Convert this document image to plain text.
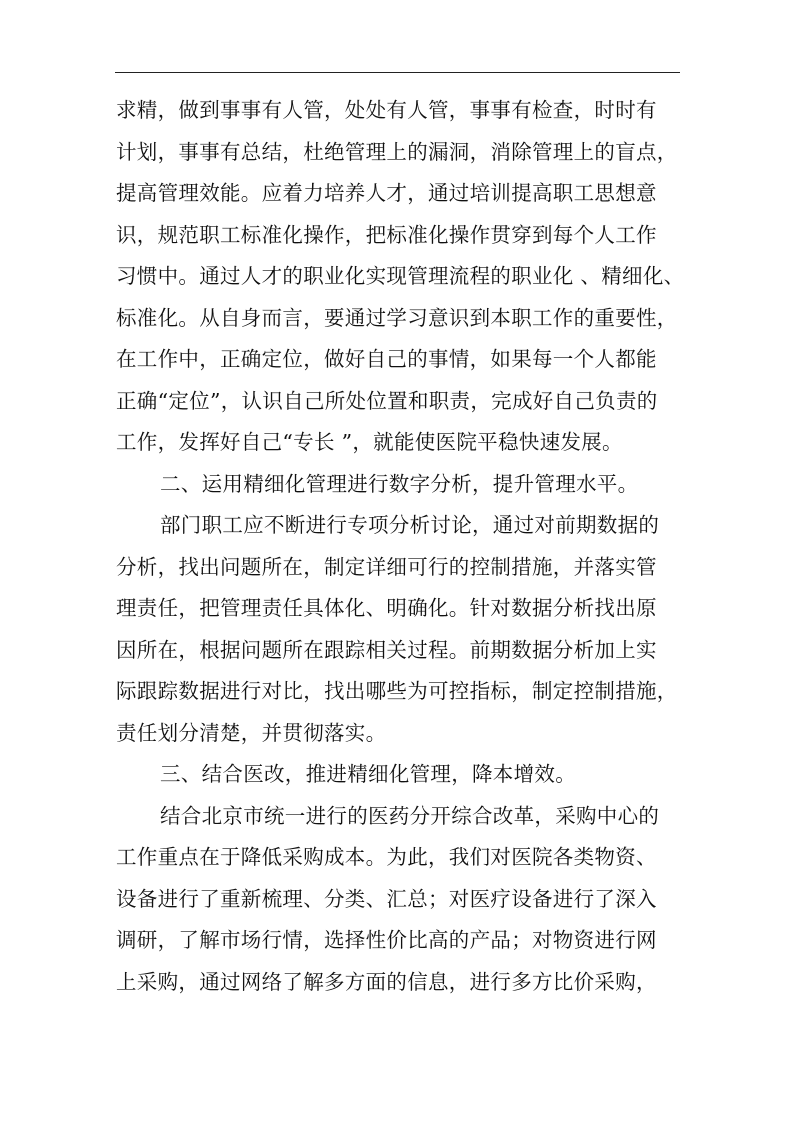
求精，做到事事有人管，处处有人管，事事有检查，时时有
计划，事事有总结，杜绝管理上的漏洞，消除管理上的盲点，
提高管理效能。应着力培养人才，通过培训提高职工思想意
识，规范职工标准化操作，把标准化操作贯穿到每个人工作
习惯中。通过人才的职业化实现管理流程的职业化 、精细化、
标准化。从自身而言，要通过学习意识到本职工作的重要性，
在工作中，正确定位，做好自己的事情，如果每一个人都能
正确“定位”，认识自己所处位置和职责，完成好自己负责的
工作，发挥好自己“专长 ”，就能使医院平稳快速发展。
二、运用精细化管理进行数字分析，提升管理水平。
部门职工应不断进行专项分析讨论，通过对前期数据的
分析，找出问题所在，制定详细可行的控制措施，并落实管
理责任，把管理责任具体化、明确化。针对数据分析找出原
因所在，根据问题所在跟踪相关过程。前期数据分析加上实
际跟踪数据进行对比，找出哪些为可控指标，制定控制措施，
责任划分清楚，并贯彻落实。
三、结合医改，推进精细化管理，降本增效。
结合北京市统一进行的医药分开综合改革，采购中心的
工作重点在于降低采购成本。为此，我们对医院各类物资、
设备进行了重新梳理、分类、汇总；对医疗设备进行了深入
调研，了解市场行情，选择性价比高的产品；对物资进行网
上采购，通过网络了解多方面的信息，进行多方比价采购，
